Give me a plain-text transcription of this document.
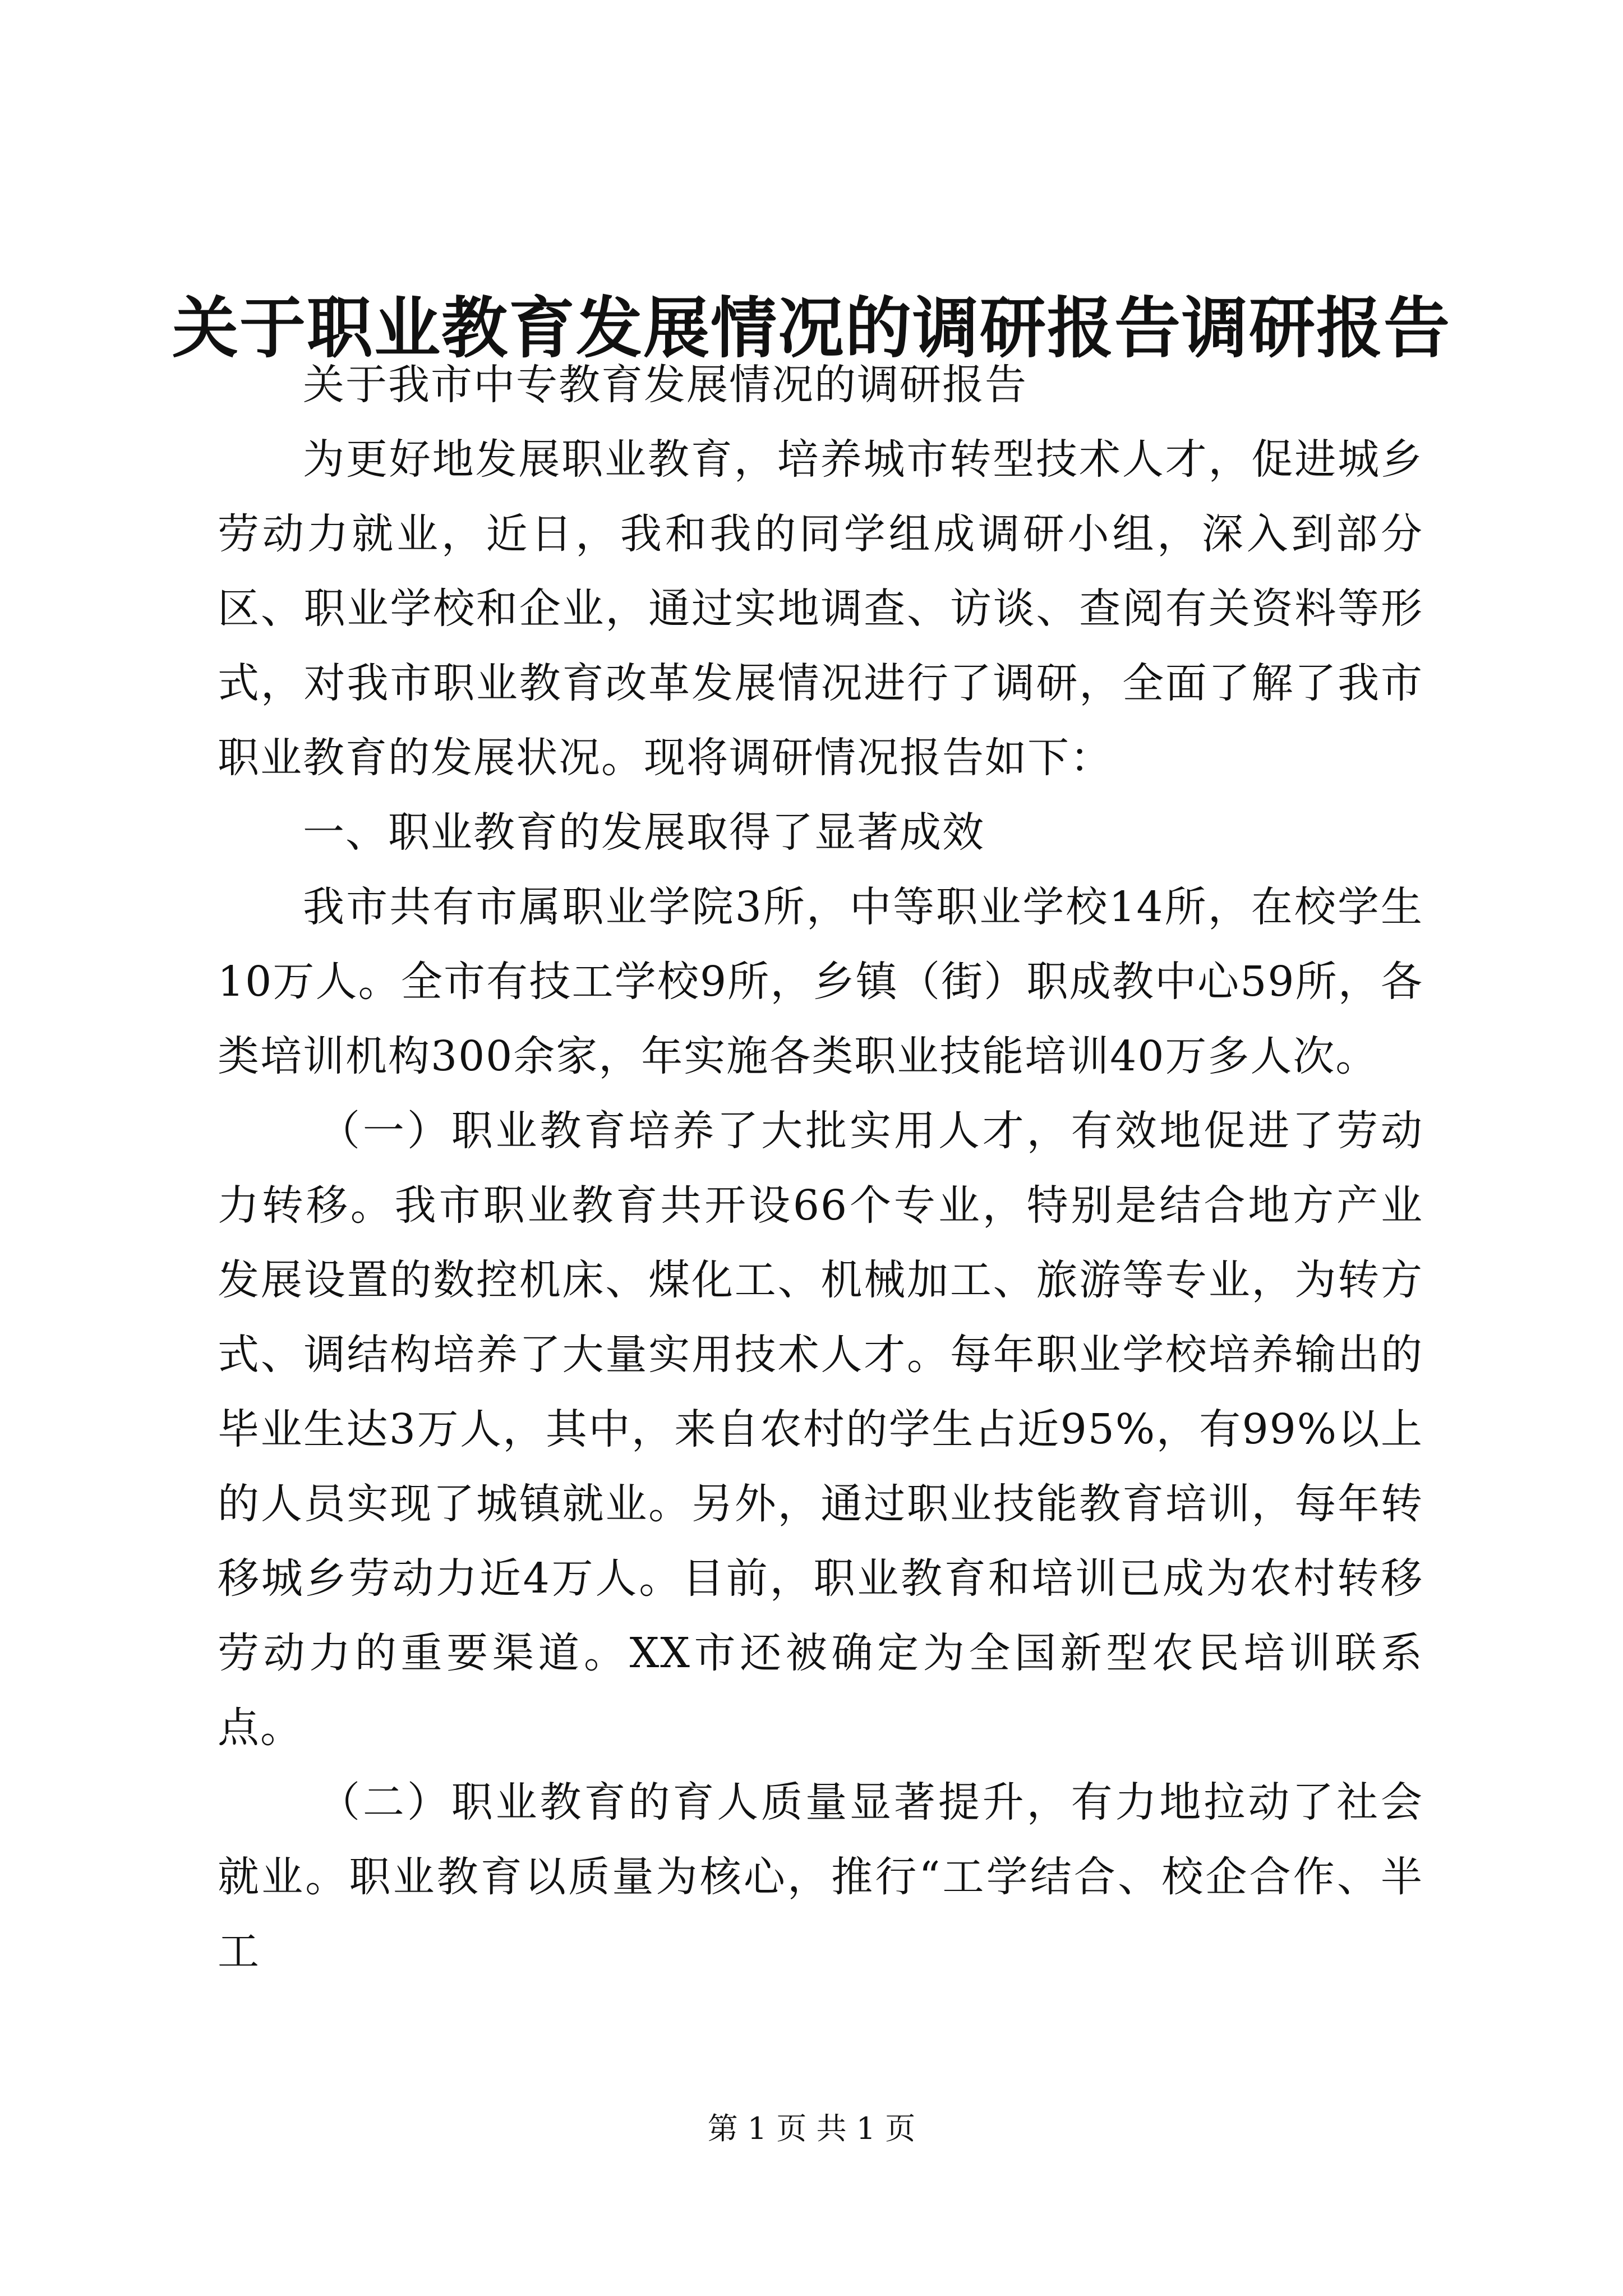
关于职业教育发展情况的调研报告调研报告

关于我市中专教育发展情况的调研报告

为更好地发展职业教育，培养城市转型技术人才，促进城乡劳动力就业，近日，我和我的同学组成调研小组，深入到部分区、职业学校和企业，通过实地调查、访谈、查阅有关资料等形式，对我市职业教育改革发展情况进行了调研，全面了解了我市职业教育的发展状况。现将调研情况报告如下：

一、职业教育的发展取得了显著成效

我市共有市属职业学院3所，中等职业学校14所，在校学生10万人。全市有技工学校9所，乡镇（街）职成教中心59所，各类培训机构300余家，年实施各类职业技能培训40万多人次。

（一）职业教育培养了大批实用人才，有效地促进了劳动力转移。我市职业教育共开设66个专业，特别是结合地方产业发展设置的数控机床、煤化工、机械加工、旅游等专业，为转方式、调结构培养了大量实用技术人才。每年职业学校培养输出的毕业生达3万人，其中，来自农村的学生占近95%，有99%以上的人员实现了城镇就业。另外，通过职业技能教育培训，每年转移城乡劳动力近4万人。目前，职业教育和培训已成为农村转移劳动力的重要渠道。XX市还被确定为全国新型农民培训联系点。

（二）职业教育的育人质量显著提升，有力地拉动了社会就业。职业教育以质量为核心，推行“工学结合、校企合作、半工

第 1 页 共 1 页
